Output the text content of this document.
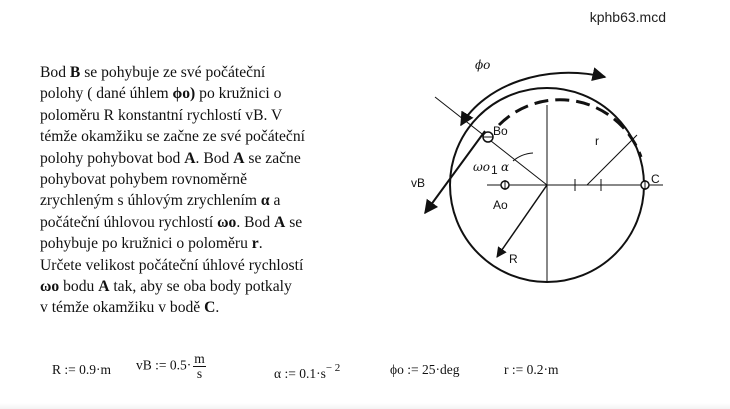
kphb63.mcd
Bod B se pohybuje ze své počáteční
polohy ( dané úhlem ϕo) po kružnici o
poloměru R konstantní rychlostí vB. V
témže okamžiku se začne ze své počáteční
polohy pohybovat bod A. Bod A se začne
pohybovat pohybem rovnoměrně
zrychleným s úhlovým zrychlením α a
počáteční úhlovou rychlostí ωo. Bod A se
pohybuje po kružnici o poloměru r.
Určete velikost počáteční úhlové rychlostí
ωo bodu A tak, aby se oba body potkaly
v témže okamžiku v bodě C.
ϕo
Bo
ωo 1 α
r
C
vB
Ao
R
R := 0.9·m vB := $0.5\cdot \frac{m}{s}$	α := $0.1\cdot s^{- 2}$	ϕo := 25·deg	r := 0.2·m
